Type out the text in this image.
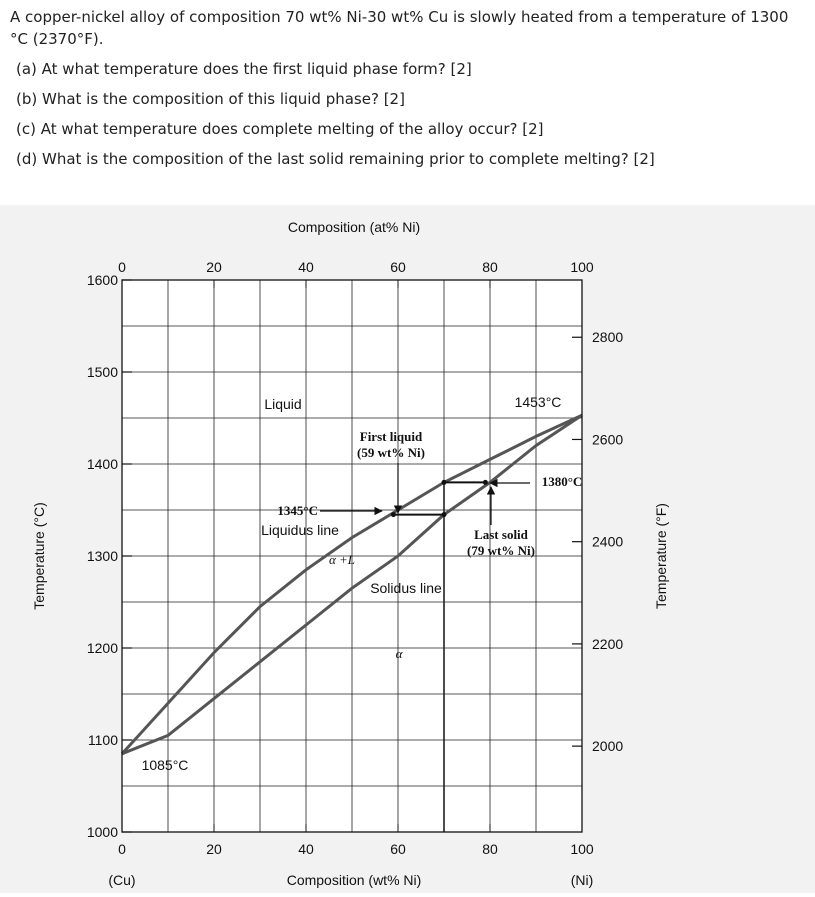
A copper-nickel alloy of composition 70 wt% Ni-30 wt% Cu is slowly heated from a temperature of 1300 °C (2370°F).
(a) At what temperature does the first liquid phase form? [2]
(b) What is the composition of this liquid phase? [2]
(c) At what temperature does complete melting of the alloy occur? [2]
(d) What is the composition of the last solid remaining prior to complete melting? [2]
0	20	40	60	80	100
0	20	40	60	80	100
1000
1100
1200
1300
1400
1500
1600
2000
2200
2400
2600
2800
Composition (at% Ni)
Composition (wt% Ni)
Temperature (°C)	Temperature (°F)
(Cu)	(Ni)
Liquid
α +L
α
1453°C
1085°C
1345°C
1380°C
First liquid
(59 wt% Ni)
Last solid
(79 wt% Ni)
Liquidus line
Solidus line
